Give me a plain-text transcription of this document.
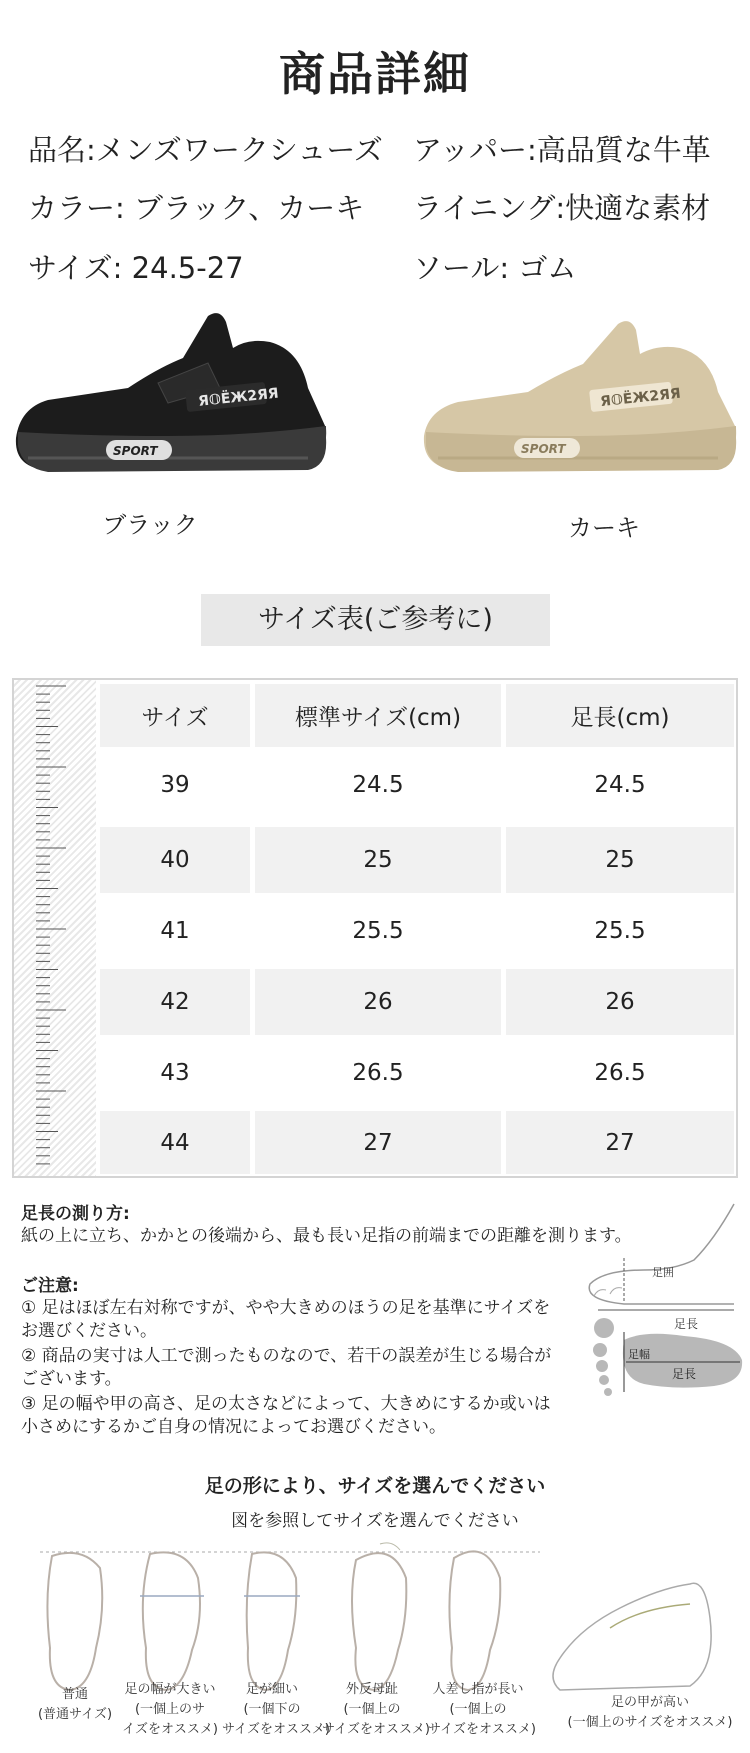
商品詳細
品名:メンズワークシューズ アッパー:高品質な牛革
カラー: ブラック、カーキ ライニング:快適な素材
サイズ: 24.5-27	ソール: ゴム
Я𝕆ЁЖ2ЯЯ
SPORT
Я𝕆ЁЖ2ЯЯ
SPORT
ブラック	カーキ
サイズ表(ご参考に)
サイズ	標準サイズ(cm)	足長(cm)
39	24.5	24.5
40	25	25
41	25.5	25.5
42	26	26
43	26.5	26.5
44	27	27
足長の測り方:
紙の上に立ち、かかとの後端から、最も長い足指の前端までの距離を測ります。
ご注意:
① 足はほぼ左右対称ですが、やや大きめのほうの足を基準にサイズを
お選びください。
② 商品の実寸は人工で測ったものなので、若干の誤差が生じる場合が
ございます。
③ 足の幅や甲の高さ、足の太さなどによって、大きめにするか或いは
小さめにするかご自身の情况によってお選びください。
足囲
足長
足幅
足長
足の形により、サイズを選んでください
図を参照してサイズを選んでください
普通
(普通サイズ)
足の幅が大きい
(一個上のサ
イズをオススメ)
足が細い
(一個下の
サイズをオススメ)
外反母趾
(一個上の
サイズをオススメ)
人差し指が長い
(一個上の
サイズをオススメ)
足の甲が高い
(一個上のサイズをオススメ)
